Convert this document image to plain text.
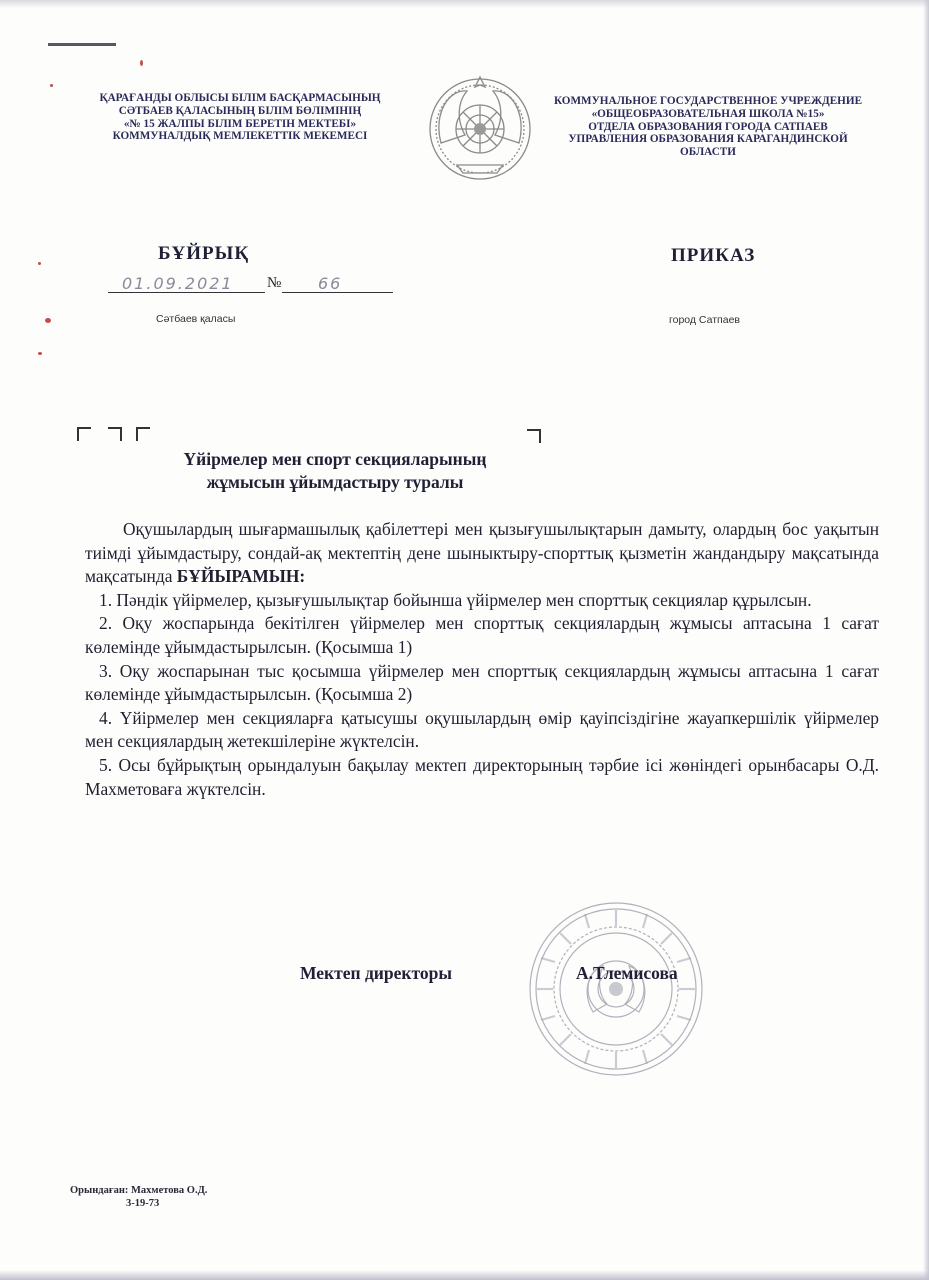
ҚАРАҒАНДЫ ОБЛЫСЫ БІЛІМ БАСҚАРМАСЫНЫҢ
СӘТБАЕВ ҚАЛАСЫНЫҢ БІЛІМ БӨЛІМІНІҢ
«№ 15 ЖАЛПЫ БІЛІМ БЕРЕТІН МЕКТЕБІ»
КОММУНАЛДЫҚ МЕМЛЕКЕТТІК МЕКЕМЕСІ
КОММУНАЛЬНОЕ ГОСУДАРСТВЕННОЕ УЧРЕЖДЕНИЕ
«ОБЩЕОБРАЗОВАТЕЛЬНАЯ ШКОЛА №15»
ОТДЕЛА ОБРАЗОВАНИЯ ГОРОДА САТПАЕВ
УПРАВЛЕНИЯ ОБРАЗОВАНИЯ КАРАГАНДИНСКОЙ
ОБЛАСТИ
БҰЙРЫҚ	ПРИКАЗ
01.09.2021 № 66
Сәтбаев қаласы	город Сатпаев
Үйірмелер мен спорт секцияларының
жұмысын ұйымдастыру туралы

Оқушылардың шығармашылық қабілеттері мен қызығушылықтарын дамыту, олардың бос уақытын тиімді ұйымдастыру, сондай-ақ мектептің дене шыныктыру-спорттық қызметін жандандыру мақсатында мақсатында БҰЙЫРАМЫН:

1. Пәндік үйірмелер, қызығушылықтар бойынша үйірмелер мен спорттық секциялар құрылсын.

2. Оқу жоспарында бекітілген үйірмелер мен спорттық секциялардың жұмысы аптасына 1 сағат көлемінде ұйымдастырылсын. (Қосымша 1)

3. Оқу жоспарынан тыс қосымша үйірмелер мен спорттық секциялардың жұмысы аптасына 1 сағат көлемінде ұйымдастырылсын. (Қосымша 2)

4. Үйірмелер мен секцияларға қатысушы оқушылардың өмір қауіпсіздігіне жауапкершілік үйірмелер мен секциялардың жетекшілеріне жүктелсін.

5. Осы бұйрықтың орындалуын бақылау мектеп директорының тәрбие ісі жөніндегі орынбасары О.Д. Махметоваға жүктелсін.

Мектеп директоры	А.Тлемисова
Орындаған: Махметова О.Д.
3-19-73
